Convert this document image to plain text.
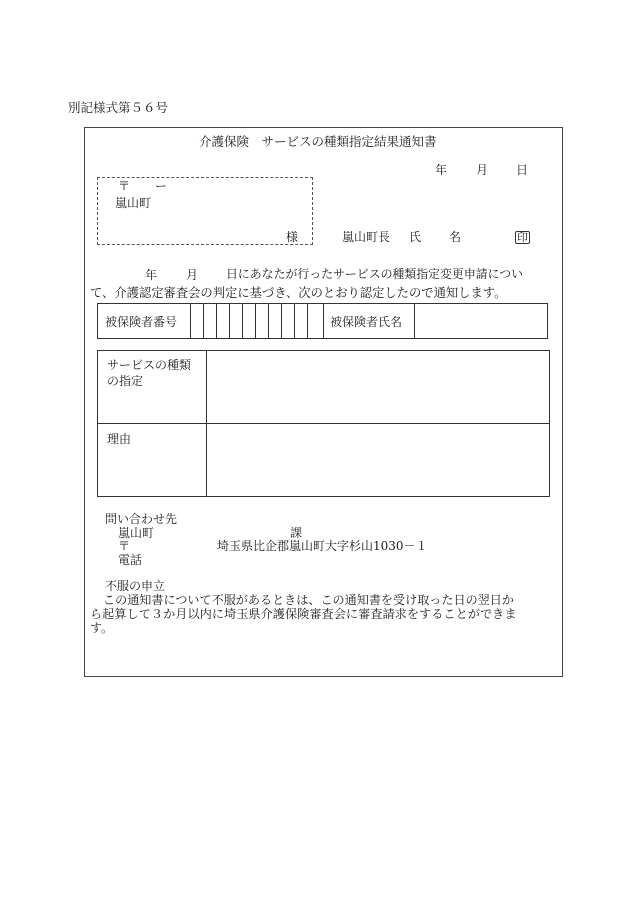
別記様式第５６号
介護保険　サービスの種類指定結果通知書
年 月 日
〒 ー
嵐山町
様	嵐山町長 氏 名	印
年 月 日にあなたが行ったサービスの種類指定変更申請につい
て、介護認定審査会の判定に基づき、次のとおり認定したので通知します。
被保険者番号	被保険者氏名
サービスの種類
の指定
理由
問い合わせ先
嵐山町	課
〒	埼玉県比企郡嵐山町大字杉山1030－１
電話
不服の申立
この通知書について不服があるときは、この通知書を受け取った日の翌日か
ら起算して３か月以内に埼玉県介護保険審査会に審査請求をすることができま
す。
